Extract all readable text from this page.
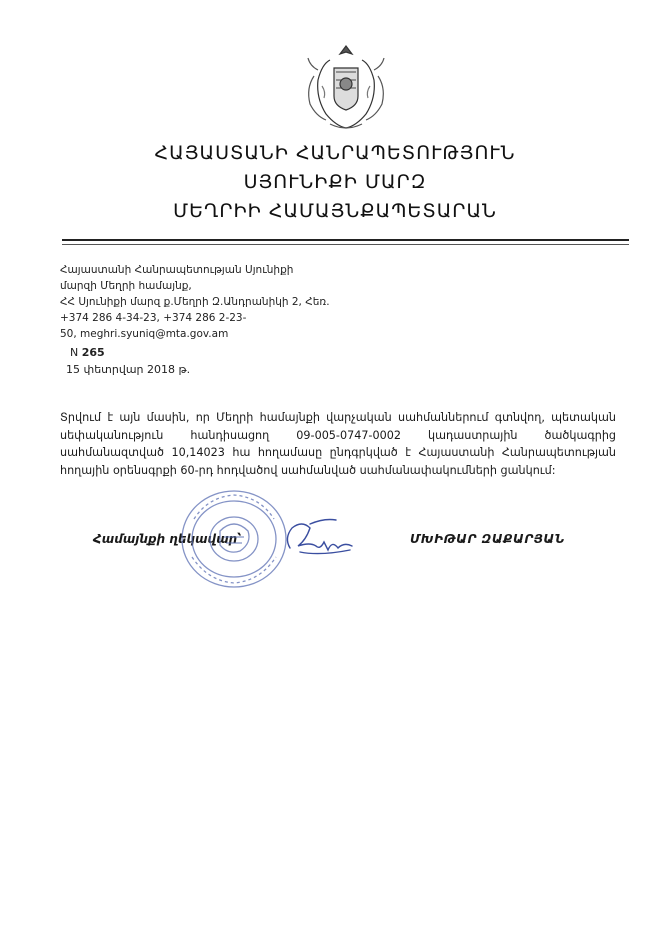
ՀԱՅԱՍՏԱՆԻ ՀԱՆՐԱՊԵՏՈՒԹՅՈՒՆ
ՍՅՈՒՆԻՔԻ ՄԱՐԶ
ՄԵՂՐԻԻ ՀԱՄԱՅՆՔԱՊԵՏԱՐԱՆ
Հայաստանի Հանրապետության Սյունիքի
մարզի Մեղրի համայնք,
ՀՀ Սյունիքի մարզ ք.Մեղրի Զ.Անդրանիկի 2, Հեռ.
+374 286 4-34-23, +374 286 2-23-
50, meghri.syuniq@mta.gov.am
N 265
15 փետրվար 2018 թ.
Տրվում է այն մասին, որ Մեղրի համայնքի վարչական սահմաններում գտնվող, պետական սեփականություն հանդիսացող 09-005-0747-0002 կադաստրային ծածկագրից սահմանազտված 10,14023 հա հողամասը ընդգրկված է Հայաստանի Հանրապետության հողային օրենսգրքի 60-րդ հոդվածով սահմանված սահմանափակումների ցանկում:
Համայնքի ղեկավար՝	ՄԽԻԹԱՐ ԶԱՔԱՐՅԱՆ
